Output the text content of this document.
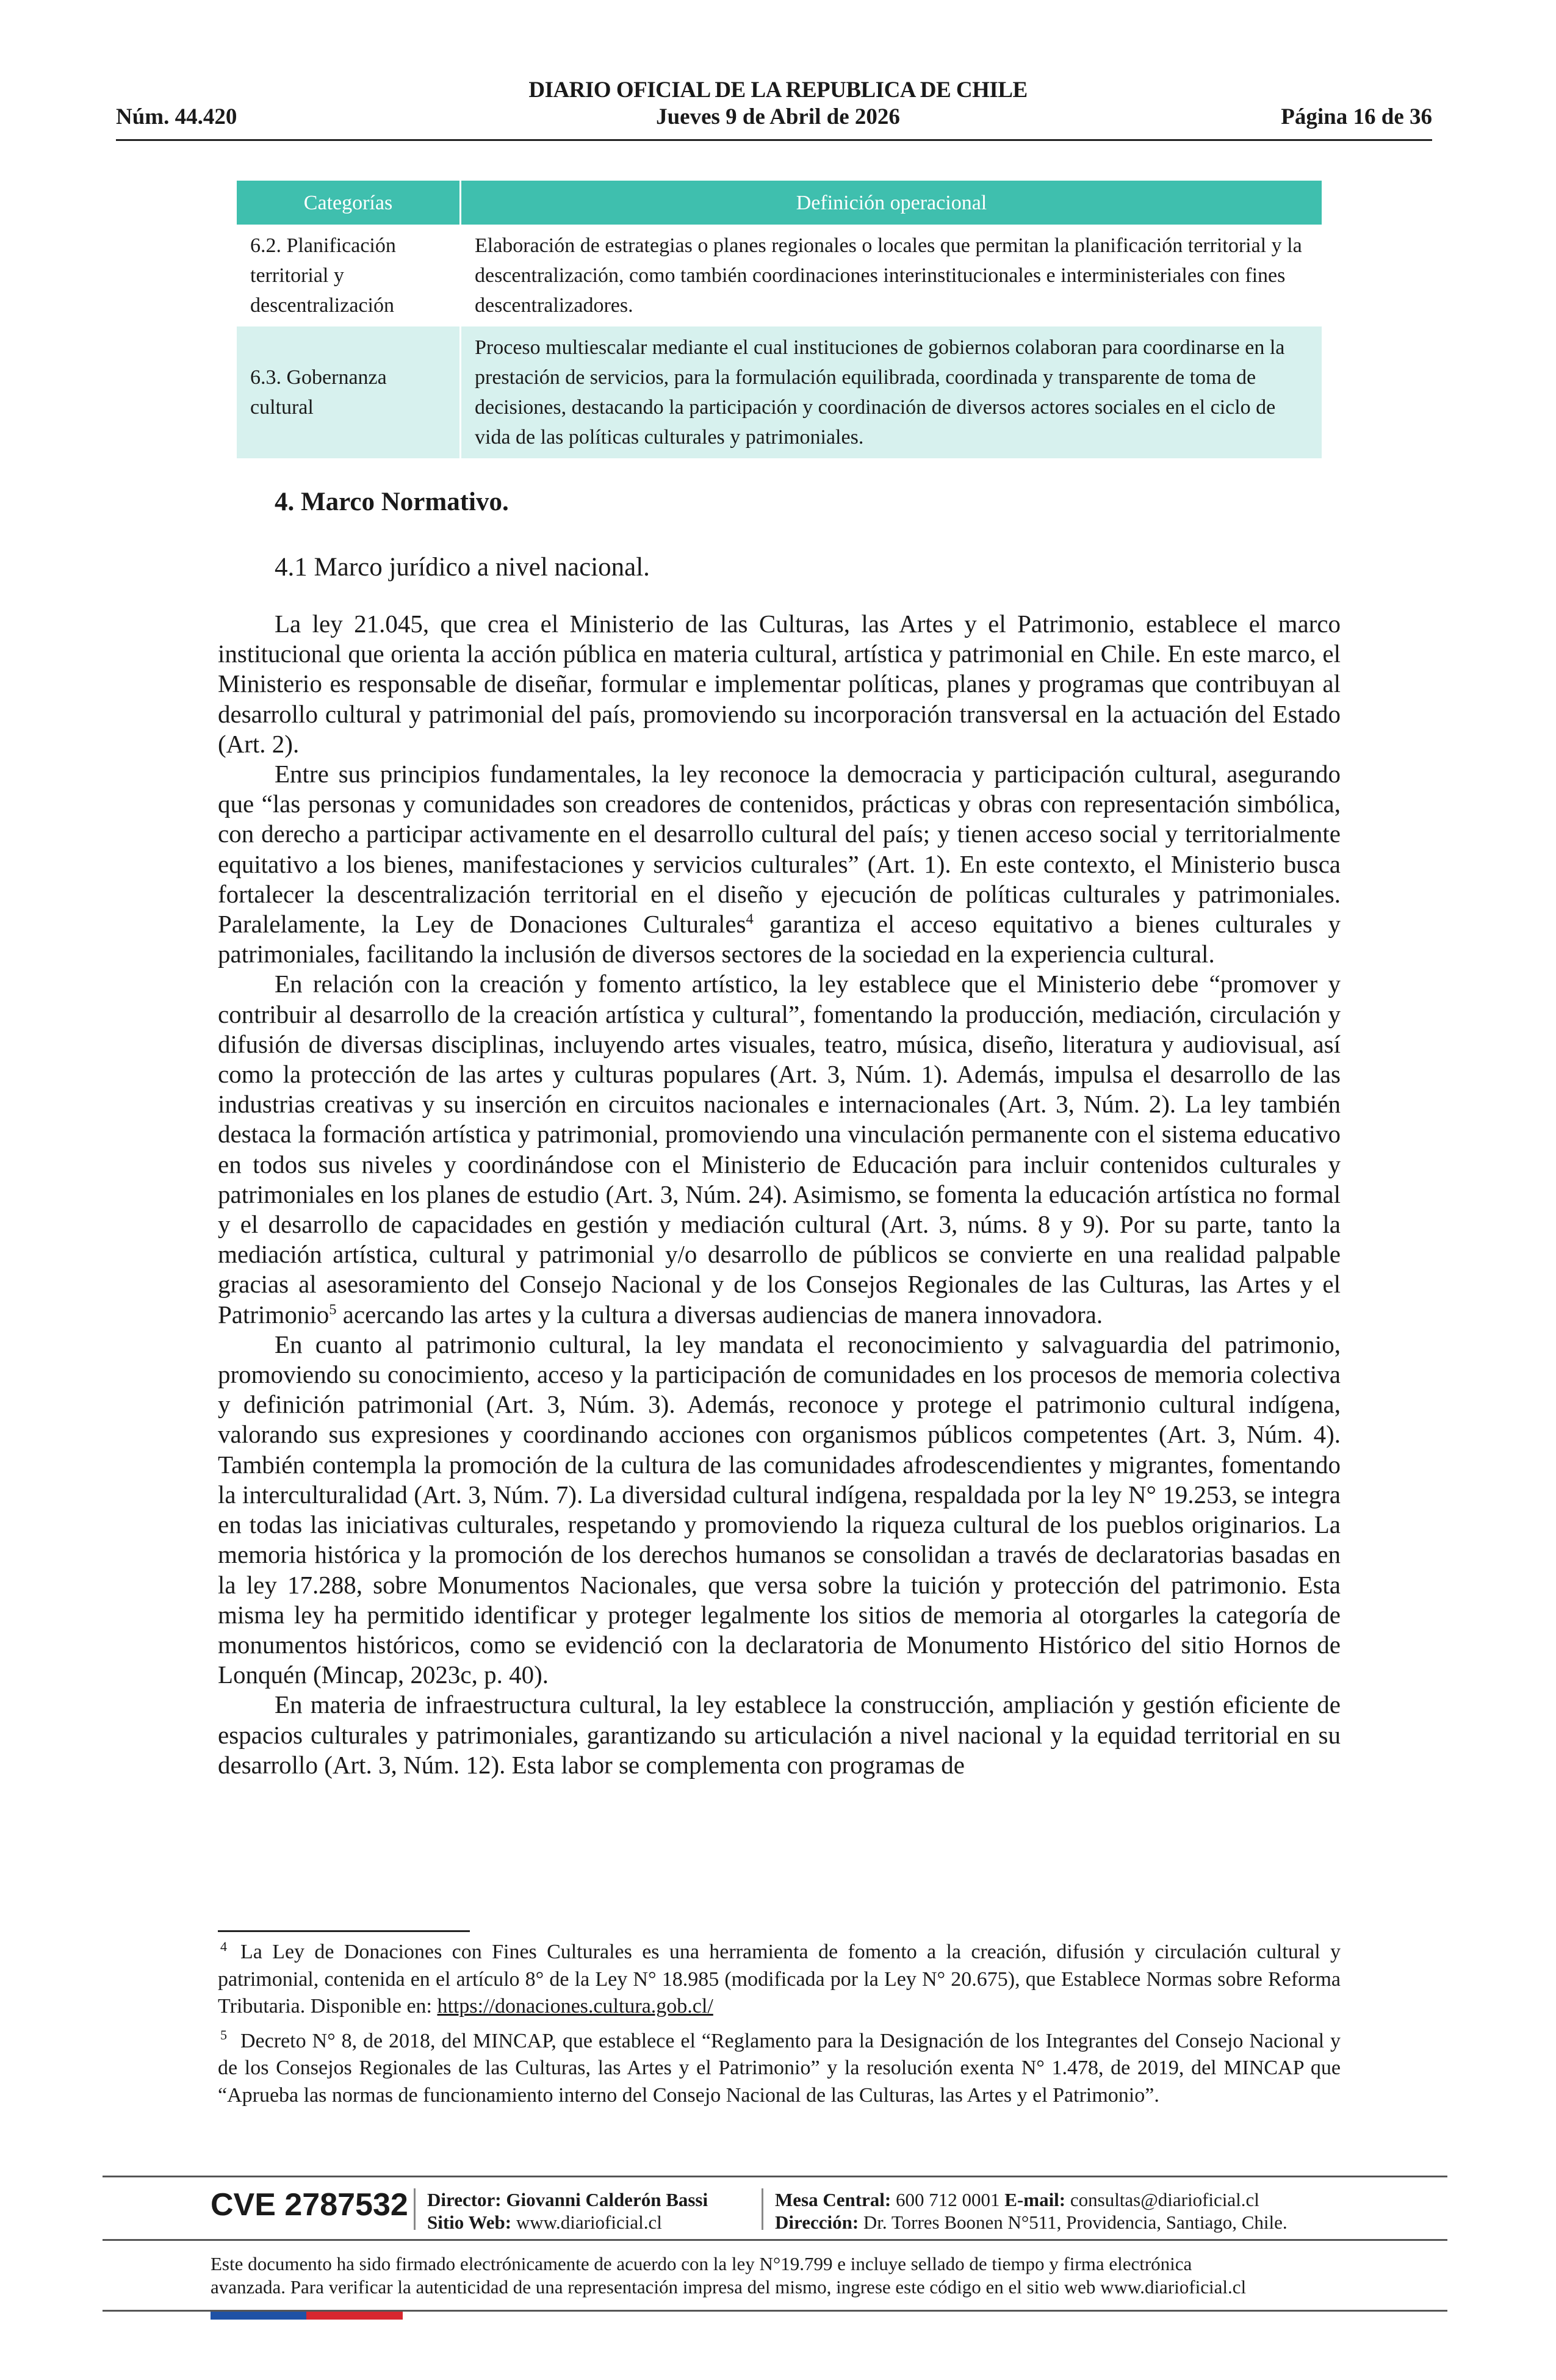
DIARIO OFICIAL DE LA REPUBLICA DE CHILE
Núm. 44.420	Jueves 9 de Abril de 2026	Página 16 de 36
Categorías	Definición operacional
6.2. Planificación territorial y descentralización	Elaboración de estrategias o planes regionales o locales que permitan la planificación territorial y la descentralización, como también coordinaciones interinstitucionales e interministeriales con fines descentralizadores.
6.3. Gobernanza cultural	Proceso multiescalar mediante el cual instituciones de gobiernos colaboran para coordinarse en la prestación de servicios, para la formulación equilibrada, coordinada y transparente de toma de decisiones, destacando la participación y coordinación de diversos actores sociales en el ciclo de vida de las políticas culturales y patrimoniales.
4. Marco Normativo.
4.1 Marco jurídico a nivel nacional.

La ley 21.045, que crea el Ministerio de las Culturas, las Artes y el Patrimonio, establece el marco institucional que orienta la acción pública en materia cultural, artística y patrimonial en Chile. En este marco, el Ministerio es responsable de diseñar, formular e implementar políticas, planes y programas que contribuyan al desarrollo cultural y patrimonial del país, promoviendo su incorporación transversal en la actuación del Estado (Art. 2).

Entre sus principios fundamentales, la ley reconoce la democracia y participación cultural, asegurando que “las personas y comunidades son creadores de contenidos, prácticas y obras con representación simbólica, con derecho a participar activamente en el desarrollo cultural del país; y tienen acceso social y territorialmente equitativo a los bienes, manifestaciones y servicios culturales” (Art. 1). En este contexto, el Ministerio busca fortalecer la descentralización territorial en el diseño y ejecución de políticas culturales y patrimoniales. Paralelamente, la Ley de Donaciones Culturales$^4$ garantiza el acceso equitativo a bienes culturales y patrimoniales, facilitando la inclusión de diversos sectores de la sociedad en la experiencia cultural.

En relación con la creación y fomento artístico, la ley establece que el Ministerio debe “promover y contribuir al desarrollo de la creación artística y cultural”, fomentando la producción, mediación, circulación y difusión de diversas disciplinas, incluyendo artes visuales, teatro, música, diseño, literatura y audiovisual, así como la protección de las artes y culturas populares (Art. 3, Núm. 1). Además, impulsa el desarrollo de las industrias creativas y su inserción en circuitos nacionales e internacionales (Art. 3, Núm. 2). La ley también destaca la formación artística y patrimonial, promoviendo una vinculación permanente con el sistema educativo en todos sus niveles y coordinándose con el Ministerio de Educación para incluir contenidos culturales y patrimoniales en los planes de estudio (Art. 3, Núm. 24). Asimismo, se fomenta la educación artística no formal y el desarrollo de capacidades en gestión y mediación cultural (Art. 3, núms. 8 y 9). Por su parte, tanto la mediación artística, cultural y patrimonial y/o desarrollo de públicos se convierte en una realidad palpable gracias al asesoramiento del Consejo Nacional y de los Consejos Regionales de las Culturas, las Artes y el Patrimonio$^5$ acercando las artes y la cultura a diversas audiencias de manera innovadora.

En cuanto al patrimonio cultural, la ley mandata el reconocimiento y salvaguardia del patrimonio, promoviendo su conocimiento, acceso y la participación de comunidades en los procesos de memoria colectiva y definición patrimonial (Art. 3, Núm. 3). Además, reconoce y protege el patrimonio cultural indígena, valorando sus expresiones y coordinando acciones con organismos públicos competentes (Art. 3, Núm. 4). También contempla la promoción de la cultura de las comunidades afrodescendientes y migrantes, fomentando la interculturalidad (Art. 3, Núm. 7). La diversidad cultural indígena, respaldada por la ley N° 19.253, se integra en todas las iniciativas culturales, respetando y promoviendo la riqueza cultural de los pueblos originarios. La memoria histórica y la promoción de los derechos humanos se consolidan a través de declaratorias basadas en la ley 17.288, sobre Monumentos Nacionales, que versa sobre la tuición y protección del patrimonio. Esta misma ley ha permitido identificar y proteger legalmente los sitios de memoria al otorgarles la categoría de monumentos históricos, como se evidenció con la declaratoria de Monumento Histórico del sitio Hornos de Lonquén (Mincap, 2023c, p. 40).

En materia de infraestructura cultural, la ley establece la construcción, ampliación y gestión eficiente de espacios culturales y patrimoniales, garantizando su articulación a nivel nacional y la equidad territorial en su desarrollo (Art. 3, Núm. 12). Esta labor se complementa con programas de

$^4$ La Ley de Donaciones con Fines Culturales es una herramienta de fomento a la creación, difusión y circulación cultural y patrimonial, contenida en el artículo 8° de la Ley N° 18.985 (modificada por la Ley N° 20.675), que Establece Normas sobre Reforma Tributaria. Disponible en: https://donaciones.cultura.gob.cl/

$^5$ Decreto N° 8, de 2018, del MINCAP, que establece el “Reglamento para la Designación de los Integrantes del Consejo Nacional y de los Consejos Regionales de las Culturas, las Artes y el Patrimonio” y la resolución exenta N° 1.478, de 2019, del MINCAP que “Aprueba las normas de funcionamiento interno del Consejo Nacional de las Culturas, las Artes y el Patrimonio”.

CVE 2787532 Director: Giovanni Calderón Bassi
Sitio Web: www.diarioficial.cl
Mesa Central: 600 712 0001 E-mail: consultas@diarioficial.cl
Dirección: Dr. Torres Boonen N°511, Providencia, Santiago, Chile.
Este documento ha sido firmado electrónicamente de acuerdo con la ley N°19.799 e incluye sellado de tiempo y firma electrónica
avanzada. Para verificar la autenticidad de una representación impresa del mismo, ingrese este código en el sitio web www.diarioficial.cl
